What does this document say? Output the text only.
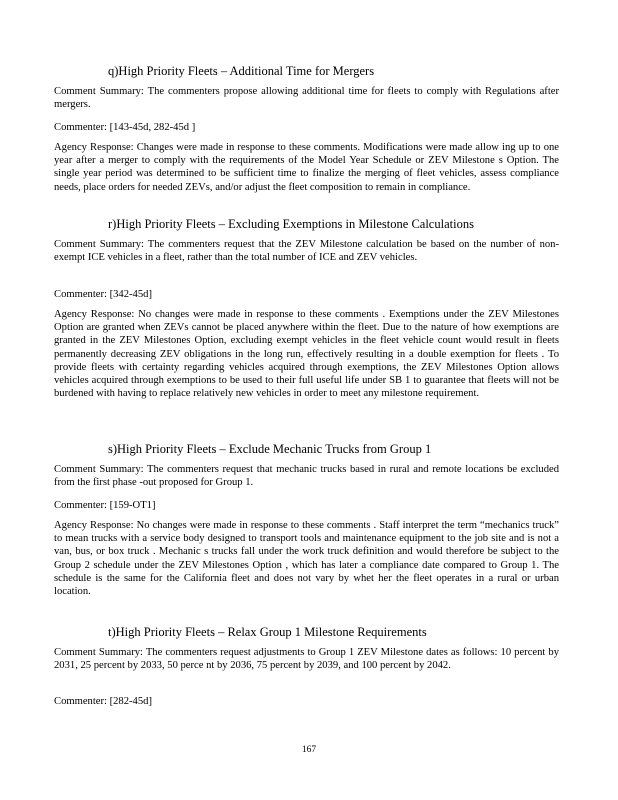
q)High Priority Fleets – Additional Time for Mergers

Comment Summary: The commenters propose allowing additional time for fleets to comply with Regulations after mergers.

Commenter: [143-45d, 282-45d ]

Agency Response: Changes were made in response to these comments. Modifications were made allow ing up to one year after a merger to comply with the requirements of the Model Year Schedule or ZEV Milestone s Option. The single year period was determined to be sufficient time to finalize the merging of fleet vehicles, assess compliance needs, place orders for needed ZEVs, and/or adjust the fleet composition to remain in compliance.

r)High Priority Fleets – Excluding Exemptions in Milestone Calculations

Comment Summary: The commenters request that the ZEV Milestone calculation be based on the number of non-exempt ICE vehicles in a fleet, rather than the total number of ICE and ZEV vehicles.

Commenter: [342-45d]

Agency Response: No changes were made in response to these comments . Exemptions under the ZEV Milestones Option are granted when ZEVs cannot be placed anywhere within the fleet. Due to the nature of how exemptions are granted in the ZEV Milestones Option, excluding exempt vehicles in the fleet vehicle count would result in fleets permanently decreasing ZEV obligations in the long run, effectively resulting in a double exemption for fleets . To provide fleets with certainty regarding vehicles acquired through exemptions, the ZEV Milestones Option allows vehicles acquired through exemptions to be used to their full useful life under SB 1 to guarantee that fleets will not be burdened with having to replace relatively new vehicles in order to meet any milestone requirement.

s)High Priority Fleets – Exclude Mechanic Trucks from Group 1

Comment Summary: The commenters request that mechanic trucks based in rural and remote locations be excluded from the first phase -out proposed for Group 1.

Commenter: [159-OT1]

Agency Response: No changes were made in response to these comments . Staff interpret the term “mechanics truck” to mean trucks with a service body designed to transport tools and maintenance equipment to the job site and is not a van, bus, or box truck . Mechanic s trucks fall under the work truck definition and would therefore be subject to the Group 2 schedule under the ZEV Milestones Option , which has later a compliance date compared to Group 1. The schedule is the same for the California fleet and does not vary by whet her the fleet operates in a rural or urban location.

t)High Priority Fleets – Relax Group 1 Milestone Requirements

Comment Summary: The commenters request adjustments to Group 1 ZEV Milestone dates as follows: 10 percent by 2031, 25 percent by 2033, 50 perce nt by 2036, 75 percent by 2039, and 100 percent by 2042.

Commenter: [282-45d]

167
